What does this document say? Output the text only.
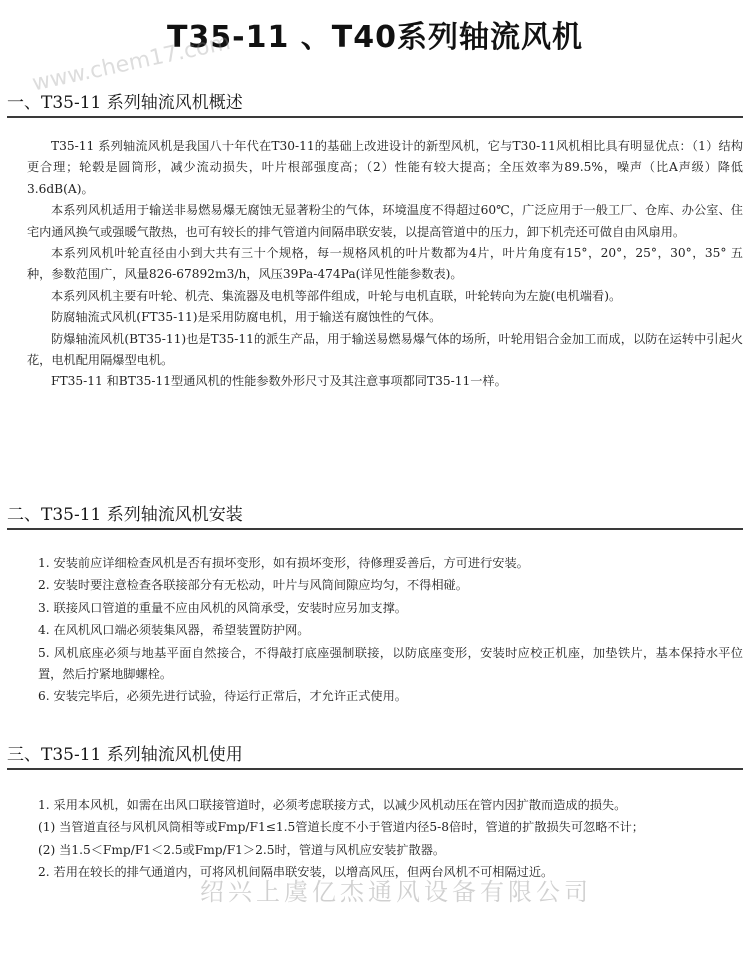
T35-11 、T40系列轴流风机
一、T35-11 系列轴流风机概述

T35-11 系列轴流风机是我国八十年代在T30-11的基础上改进设计的新型风机，它与T30-11风机相比具有明显优点：（1）结构更合理；轮毂是圆筒形，减少流动损失，叶片根部强度高；（2）性能有较大提高；全压效率为89.5%，噪声（比A声级）降低3.6dB(A)。

本系列风机适用于输送非易燃易爆无腐蚀无显著粉尘的气体，环境温度不得超过60℃，广泛应用于一般工厂、仓库、办公室、住宅内通风换气或强暖气散热，也可有较长的排气管道内间隔串联安装，以提高管道中的压力，卸下机壳还可做自由风扇用。

本系列风机叶轮直径由小到大共有三十个规格，每一规格风机的叶片数都为4片，叶片角度有15°，20°，25°，30°，35° 五种，参数范围广，风量826-67892m3/h，风压39Pa-474Pa(详见性能参数表)。

本系列风机主要有叶轮、机壳、集流器及电机等部件组成，叶轮与电机直联，叶轮转向为左旋(电机端看)。

防腐轴流式风机(FT35-11)是采用防腐电机，用于输送有腐蚀性的气体。

防爆轴流风机(BT35-11)也是T35-11的派生产品，用于输送易燃易爆气体的场所，叶轮用铝合金加工而成，以防在运转中引起火花，电机配用隔爆型电机。

FT35-11 和BT35-11型通风机的性能参数外形尺寸及其注意事项都同T35-11一样。

二、T35-11 系列轴流风机安装

1. 安装前应详细检查风机是否有损坏变形，如有损坏变形，待修理妥善后，方可进行安装。

2. 安装时要注意检查各联接部分有无松动，叶片与风筒间隙应均匀，不得相碰。

3. 联接风口管道的重量不应由风机的风筒承受，安装时应另加支撑。

4. 在风机风口端必须装集风器，希望装置防护网。

5. 风机底座必须与地基平面自然接合，不得敲打底座强制联接，以防底座变形，安装时应校正机座，加垫铁片，基本保持水平位置，然后拧紧地脚螺栓。

6. 安装完毕后，必须先进行试验，待运行正常后，才允许正式使用。

三、T35-11 系列轴流风机使用

1. 采用本风机，如需在出风口联接管道时，必须考虑联接方式，以减少风机动压在管内因扩散而造成的损失。

(1) 当管道直径与风机风筒相等或Fmp/F1≤1.5管道长度不小于管道内径5-8倍时，管道的扩散损失可忽略不计；

(2) 当1.5＜Fmp/F1＜2.5或Fmp/F1＞2.5时，管道与风机应安装扩散器。

2. 若用在较长的排气通道内，可将风机间隔串联安装，以增高风压，但两台风机不可相隔过近。

www.chem17.com
绍兴上虞亿杰通风设备有限公司
